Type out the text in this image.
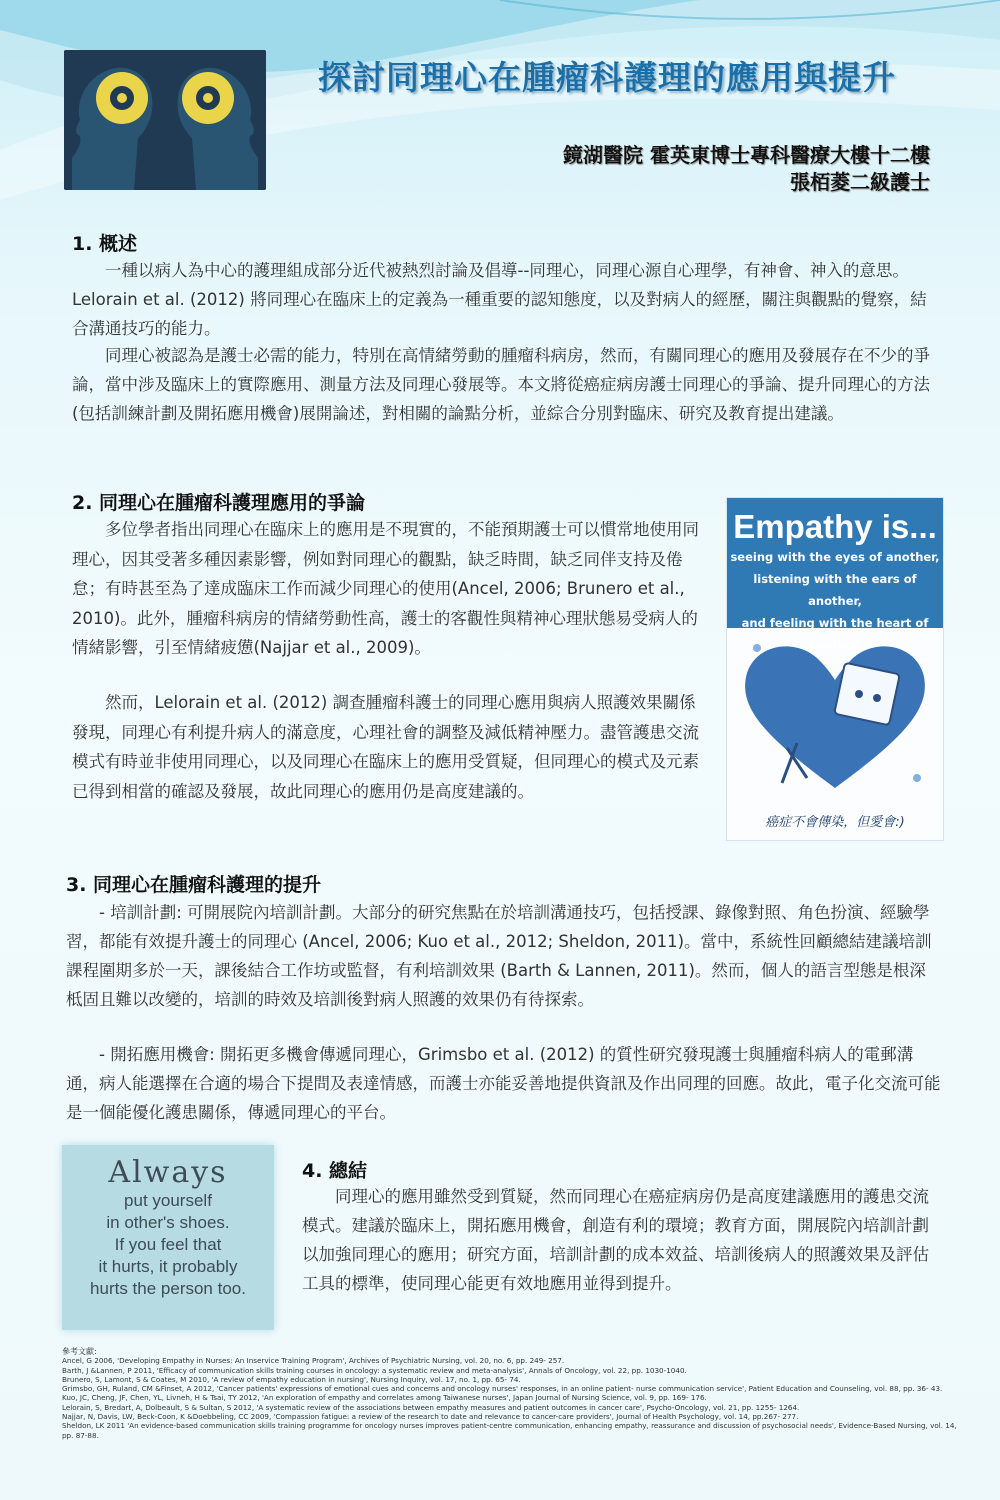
探討同理心在腫瘤科護理的應用與提升
鏡湖醫院 霍英東博士專科醫療大樓十二樓
張栢菱二級護士
1. 概述

一種以病人為中心的護理組成部分近代被熱烈討論及倡導--同理心，同理心源自心理學，有神會、神入的意思。Lelorain et al. (2012) 將同理心在臨床上的定義為一種重要的認知態度，以及對病人的經歷，關注與觀點的覺察，結合溝通技巧的能力。

同理心被認為是護士必需的能力，特別在高情緒勞動的腫瘤科病房，然而，有關同理心的應用及發展存在不少的爭論，當中涉及臨床上的實際應用、測量方法及同理心發展等。本文將從癌症病房護士同理心的爭論、提升同理心的方法(包括訓練計劃及開拓應用機會)展開論述，對相關的論點分析，並綜合分別對臨床、研究及教育提出建議。

2. 同理心在腫瘤科護理應用的爭論

多位學者指出同理心在臨床上的應用是不現實的，不能預期護士可以慣常地使用同理心，因其受著多種因素影響，例如對同理心的觀點，缺乏時間，缺乏同伴支持及倦怠；有時甚至為了達成臨床工作而減少同理心的使用(Ancel, 2006; Brunero et al., 2010)。此外，腫瘤科病房的情緒勞動性高，護士的客觀性與精神心理狀態易受病人的情緒影響，引至情緒疲憊(Najjar et al., 2009)。

然而，Lelorain et al. (2012) 調查腫瘤科護士的同理心應用與病人照護效果關係發現，同理心有利提升病人的滿意度，心理社會的調整及減低精神壓力。盡管護患交流模式有時並非使用同理心，以及同理心在臨床上的應用受質疑，但同理心的模式及元素已得到相當的確認及發展，故此同理心的應用仍是高度建議的。

Empathy is...
seeing with the eyes of another,
listening with the ears of another,
and feeling with the heart of another.
癌症不會傳染，但愛會:)
3. 同理心在腫瘤科護理的提升

- 培訓計劃: 可開展院內培訓計劃。大部分的研究焦點在於培訓溝通技巧，包括授課、錄像對照、角色扮演、經驗學習，都能有效提升護士的同理心 (Ancel, 2006; Kuo et al., 2012; Sheldon, 2011)。當中，系統性回顧總結建議培訓課程圍期多於一天，課後結合工作坊或監督，有利培訓效果 (Barth & Lannen, 2011)。然而，個人的語言型態是根深柢固且難以改變的，培訓的時效及培訓後對病人照護的效果仍有待探索。

- 開拓應用機會: 開拓更多機會傳遞同理心，Grimsbo et al. (2012) 的質性研究發現護士與腫瘤科病人的電郵溝通，病人能選擇在合適的場合下提問及表達情感，而護士亦能妥善地提供資訊及作出同理的回應。故此，電子化交流可能是一個能優化護患關係，傳遞同理心的平台。

Always
put yourself
in other's shoes.
If you feel that
it hurts, it probably
hurts the person too.
4. 總結

同理心的應用雖然受到質疑，然而同理心在癌症病房仍是高度建議應用的護患交流模式。建議於臨床上，開拓應用機會，創造有利的環境；教育方面，開展院內培訓計劃以加強同理心的應用；研究方面，培訓計劃的成本效益、培訓後病人的照護效果及評估工具的標準，使同理心能更有效地應用並得到提升。

參考文獻:
Ancel, G 2006, 'Developing Empathy in Nurses: An Inservice Training Program', Archives of Psychiatric Nursing, vol. 20, no. 6, pp. 249- 257.
Barth, J &Lannen, P 2011, 'Efficacy of communication skills training courses in oncology: a systematic review and meta-analysis', Annals of Oncology, vol. 22, pp. 1030-1040.
Brunero, S, Lamont, S & Coates, M 2010, 'A review of empathy education in nursing', Nursing Inquiry, vol. 17, no. 1, pp. 65- 74.
Grimsbo, GH, Ruland, CM &Finset, A 2012, 'Cancer patients' expressions of emotional cues and concerns and oncology nurses' responses, in an online patient- nurse communication service', Patient Education and Counseling, vol. 88, pp. 36- 43.
Kuo, JC, Cheng, JF, Chen, YL, Livneh, H & Tsai, TY 2012, 'An exploration of empathy and correlates among Taiwanese nurses', Japan Journal of Nursing Science, vol. 9, pp. 169- 176.
Lelorain, S, Bredart, A, Dolbeault, S & Sultan, S 2012, 'A systematic review of the associations between empathy measures and patient outcomes in cancer care', Psycho-Oncology, vol. 21, pp. 1255- 1264.
Najjar, N, Davis, LW, Beck-Coon, K &Doebbeling, CC 2009, 'Compassion fatigue: a review of the research to date and relevance to cancer-care providers', Journal of Health Psychology, vol. 14, pp.267- 277.
Sheldon, LK 2011 'An evidence-based communication skills training programme for oncology nurses improves patient-centre communication, enhancing empathy, reassurance and discussion of psychosocial needs', Evidence-Based Nursing, vol. 14, pp. 87-88.
